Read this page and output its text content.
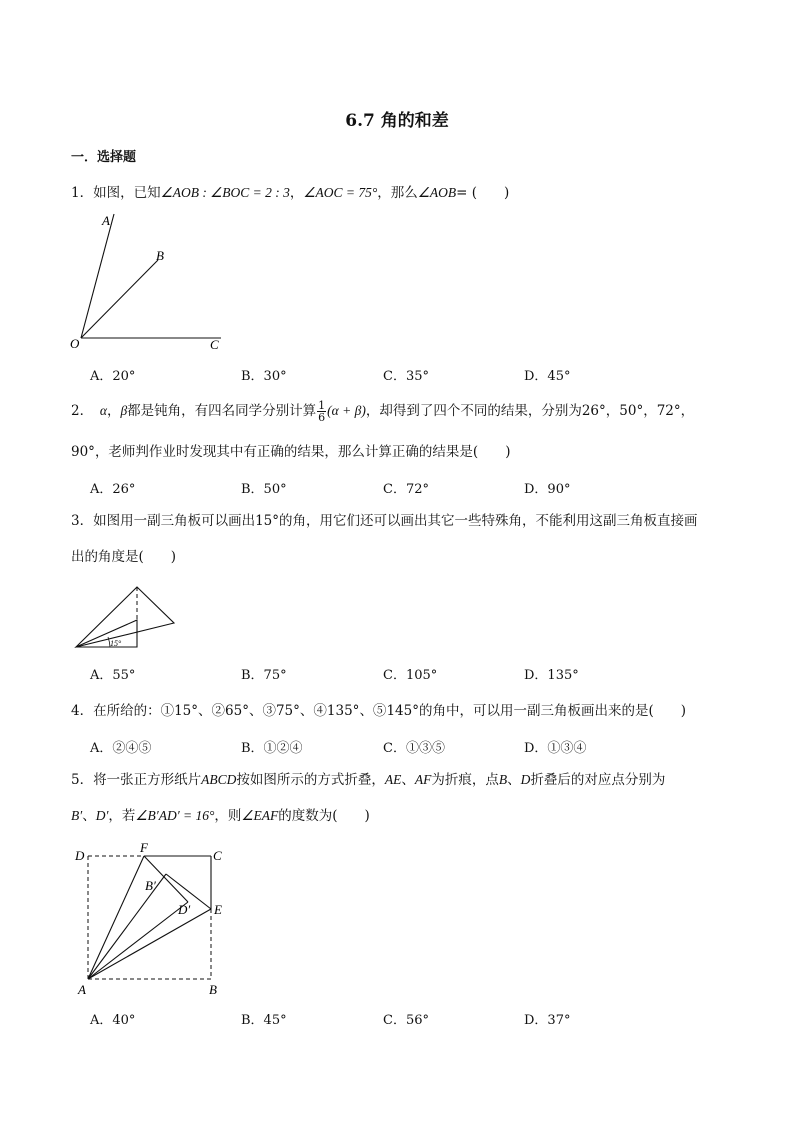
6.7 角的和差
一．选择题
1．如图，已知∠AOB : ∠BOC = 2 : 3，∠AOC = 75°，那么∠AOB= (　　)
A
B
O	C
A．20°	B．30°	C．35°	D．45°
2．　α，β都是钝角，有四名同学分别计算 $\frac{1}{6} (\alpha + \beta)$，却得到了四个不同的结果，分别为26°，50°，72°，
90°，老师判作业时发现其中有正确的结果，那么计算正确的结果是(　　)
A．26°	B．50°	C．72°	D．90°
3．如图用一副三角板可以画出15°的角，用它们还可以画出其它一些特殊角，不能利用这副三角板直接画
出的角度是(　　)
15°
A．55°	B．75°	C．105°	D．135°
4．在所给的：①15°、②65°、③75°、④135°、⑤145°的角中，可以用一副三角板画出来的是(　　)
A．②④⑤	B．①②④	C．①③⑤	D．①③④
5．将一张正方形纸片ABCD按如图所示的方式折叠，AE、AF为折痕，点B、D折叠后的对应点分别为
B′、D′，若∠B′AD′ = 16°，则∠EAF的度数为(　　)
D
F
C
B′
D′ E
A	B
A．40°	B．45°	C．56°	D．37°
